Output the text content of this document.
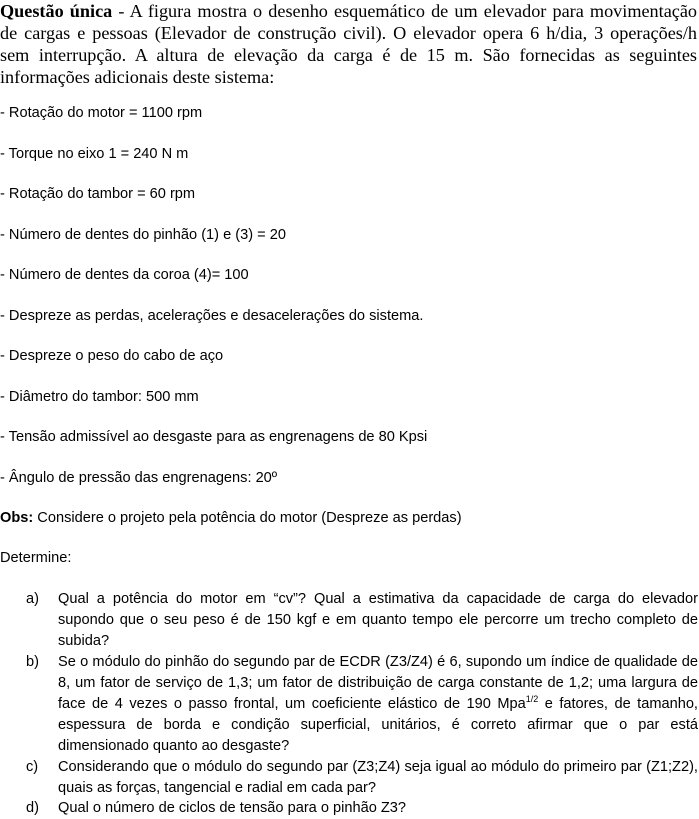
Questão única - A figura mostra o desenho esquemático de um elevador para movimentação de cargas e pessoas (Elevador de construção civil). O elevador opera 6 h/dia, 3 operações/h sem interrupção. A altura de elevação da carga é de 15 m. São fornecidas as seguintes informações adicionais deste sistema:

- Rotação do motor = 1100 rpm
- Torque no eixo 1 = 240 N m
- Rotação do tambor = 60 rpm
- Número de dentes do pinhão (1) e (3) = 20
- Número de dentes da coroa (4)= 100
- Despreze as perdas, acelerações e desacelerações do sistema.
- Despreze o peso do cabo de aço
- Diâmetro do tambor: 500 mm
- Tensão admissível ao desgaste para as engrenagens de 80 Kpsi
- Ângulo de pressão das engrenagens: 20º
Obs: Considere o projeto pela potência do motor (Despreze as perdas)
Determine:
a) Qual a potência do motor em “cv”? Qual a estimativa da capacidade de carga do elevador supondo que o seu peso é de 150 kgf e em quanto tempo ele percorre um trecho completo de subida?

b) Se o módulo do pinhão do segundo par de ECDR (Z3/Z4) é 6, supondo um índice de qualidade de 8, um fator de serviço de 1,3; um fator de distribuição de carga constante de 1,2; uma largura de face de 4 vezes o passo frontal, um coeficiente elástico de 190 Mpa$^{1/2}$ e fatores, de tamanho, espessura de borda e condição superficial, unitários, é correto afirmar que o par está dimensionado quanto ao desgaste?

c) Considerando que o módulo do segundo par (Z3;Z4) seja igual ao módulo do primeiro par (Z1;Z2), quais as forças, tangencial e radial em cada par?

d) Qual o número de ciclos de tensão para o pinhão Z3?
